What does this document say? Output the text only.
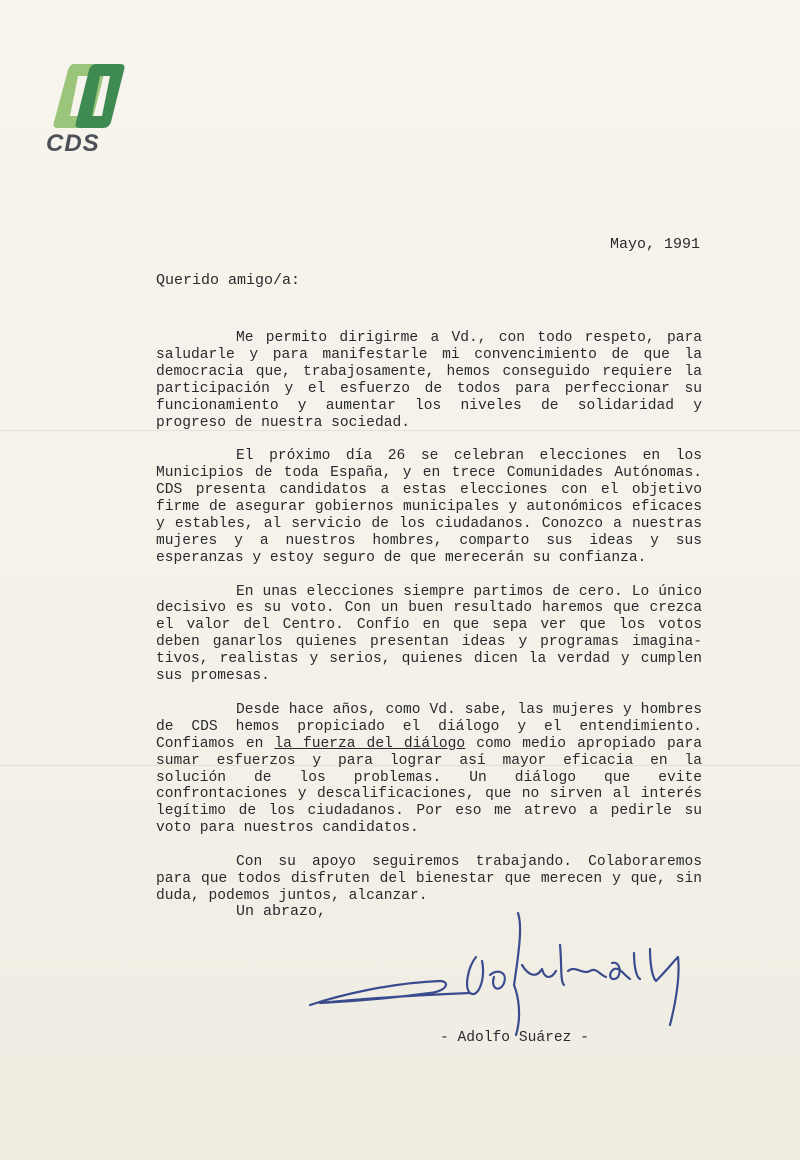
CDS
Mayo, 1991
Querido amigo/a:

Me permito dirigirme a Vd., con todo respeto, para saludarle y para manifestarle mi convencimiento de que la democracia que, trabajosamente, hemos conseguido requiere la participación y el esfuerzo de todos para perfeccionar su funcionamiento y aumentar los niveles de solidaridad y progreso de nuestra sociedad.

El próximo día 26 se celebran elecciones en los Municipios de toda España, y en trece Comunidades Autónomas. CDS presenta candidatos a estas elecciones con el objetivo firme de asegurar gobiernos municipales y autonómicos eficaces y estables, al servicio de los ciudadanos. Conozco a nuestras mujeres y a nuestros hombres, comparto sus ideas y sus esperanzas y estoy seguro de que merecerán su confianza.

En unas elecciones siempre partimos de cero. Lo único decisivo es su voto. Con un buen resultado haremos que crezca el valor del Centro. Confío en que sepa ver que los votos deben ganarlos quienes presentan ideas y programas imagina-tivos, realistas y serios, quienes dicen la verdad y cumplen sus promesas.

Desde hace años, como Vd. sabe, las mujeres y hombres de CDS hemos propiciado el diálogo y el entendimiento. Confiamos en la fuerza del diálogo como medio apropiado para sumar esfuerzos y para lograr así mayor eficacia en la solución de los problemas. Un diálogo que evite confrontaciones y descalificaciones, que no sirven al interés legítimo de los ciudadanos. Por eso me atrevo a pedirle su voto para nuestros candidatos.

Con su apoyo seguiremos trabajando. Colaboraremos para que todos disfruten del bienestar que merecen y que, sin duda, podemos juntos, alcanzar.

Un abrazo,
- Adolfo Suárez -
